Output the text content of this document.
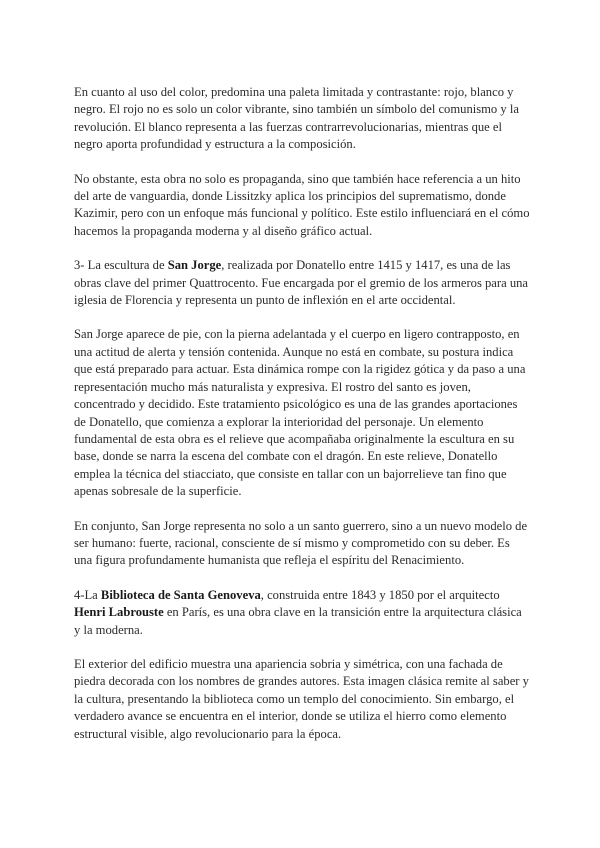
En cuanto al uso del color, predomina una paleta limitada y contrastante: rojo, blanco y negro. El rojo no es solo un color vibrante, sino también un símbolo del comunismo y la revolución. El blanco representa a las fuerzas contrarrevolucionarias, mientras que el negro aporta profundidad y estructura a la composición.

No obstante, esta obra no solo es propaganda, sino que también hace referencia a un hito del arte de vanguardia, donde Lissitzky aplica los principios del suprematismo, donde Kazimir, pero con un enfoque más funcional y político. Este estilo influenciará en el cómo hacemos la propaganda moderna y al diseño gráfico actual.

3- La escultura de San Jorge, realizada por Donatello entre 1415 y 1417, es una de las obras clave del primer Quattrocento. Fue encargada por el gremio de los armeros para una iglesia de Florencia y representa un punto de inflexión en el arte occidental.

San Jorge aparece de pie, con la pierna adelantada y el cuerpo en ligero contrapposto, en una actitud de alerta y tensión contenida. Aunque no está en combate, su postura indica que está preparado para actuar. Esta dinámica rompe con la rigidez gótica y da paso a una representación mucho más naturalista y expresiva. El rostro del santo es joven, concentrado y decidido. Este tratamiento psicológico es una de las grandes aportaciones de Donatello, que comienza a explorar la interioridad del personaje. Un elemento fundamental de esta obra es el relieve que acompañaba originalmente la escultura en su base, donde se narra la escena del combate con el dragón. En este relieve, Donatello emplea la técnica del stiacciato, que consiste en tallar con un bajorrelieve tan fino que apenas sobresale de la superficie.

En conjunto, San Jorge representa no solo a un santo guerrero, sino a un nuevo modelo de ser humano: fuerte, racional, consciente de sí mismo y comprometido con su deber. Es una figura profundamente humanista que refleja el espíritu del Renacimiento.

4-La Biblioteca de Santa Genoveva, construida entre 1843 y 1850 por el arquitecto Henri Labrouste en París, es una obra clave en la transición entre la arquitectura clásica y la moderna.

El exterior del edificio muestra una apariencia sobria y simétrica, con una fachada de piedra decorada con los nombres de grandes autores. Esta imagen clásica remite al saber y la cultura, presentando la biblioteca como un templo del conocimiento. Sin embargo, el verdadero avance se encuentra en el interior, donde se utiliza el hierro como elemento estructural visible, algo revolucionario para la época.
